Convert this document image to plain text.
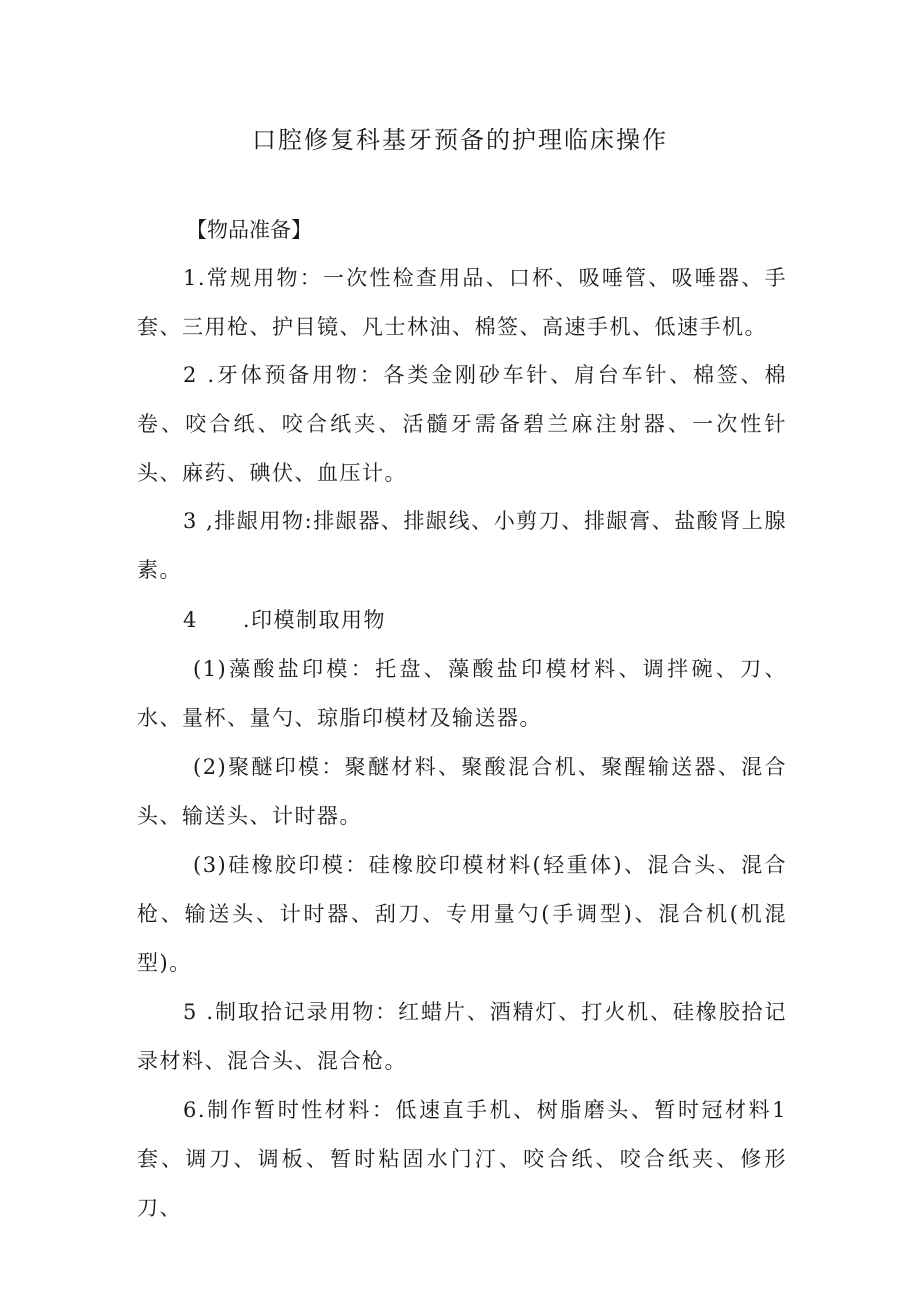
口腔修复科基牙预备的护理临床操作
【物品准备】

1.常规用物：一次性检查用品、口杯、吸唾管、吸唾器、手套、三用枪、护目镜、凡士林油、棉签、高速手机、低速手机。

2 .牙体预备用物：各类金刚砂车针、肩台车针、棉签、棉卷、咬合纸、咬合纸夹、活髓牙需备碧兰麻注射器、一次性针头、麻药、碘伏、血压计。

3 ,排龈用物:排龈器、排龈线、小剪刀、排龈膏、盐酸肾上腺素。

4　　.印模制取用物

(1)藻酸盐印模：托盘、藻酸盐印模材料、调拌碗、刀、水、量杯、量勺、琼脂印模材及输送器。

(2)聚醚印模：聚醚材料、聚酸混合机、聚醒输送器、混合头、输送头、计时器。

(3)硅橡胶印模：硅橡胶印模材料(轻重体)、混合头、混合枪、输送头、计时器、刮刀、专用量勺(手调型)、混合机(机混型)。

5 .制取拾记录用物：红蜡片、酒精灯、打火机、硅橡胶拾记录材料、混合头、混合枪。

6.制作暂时性材料：低速直手机、树脂磨头、暂时冠材料1套、调刀、调板、暂时粘固水门汀、咬合纸、咬合纸夹、修形刀、
